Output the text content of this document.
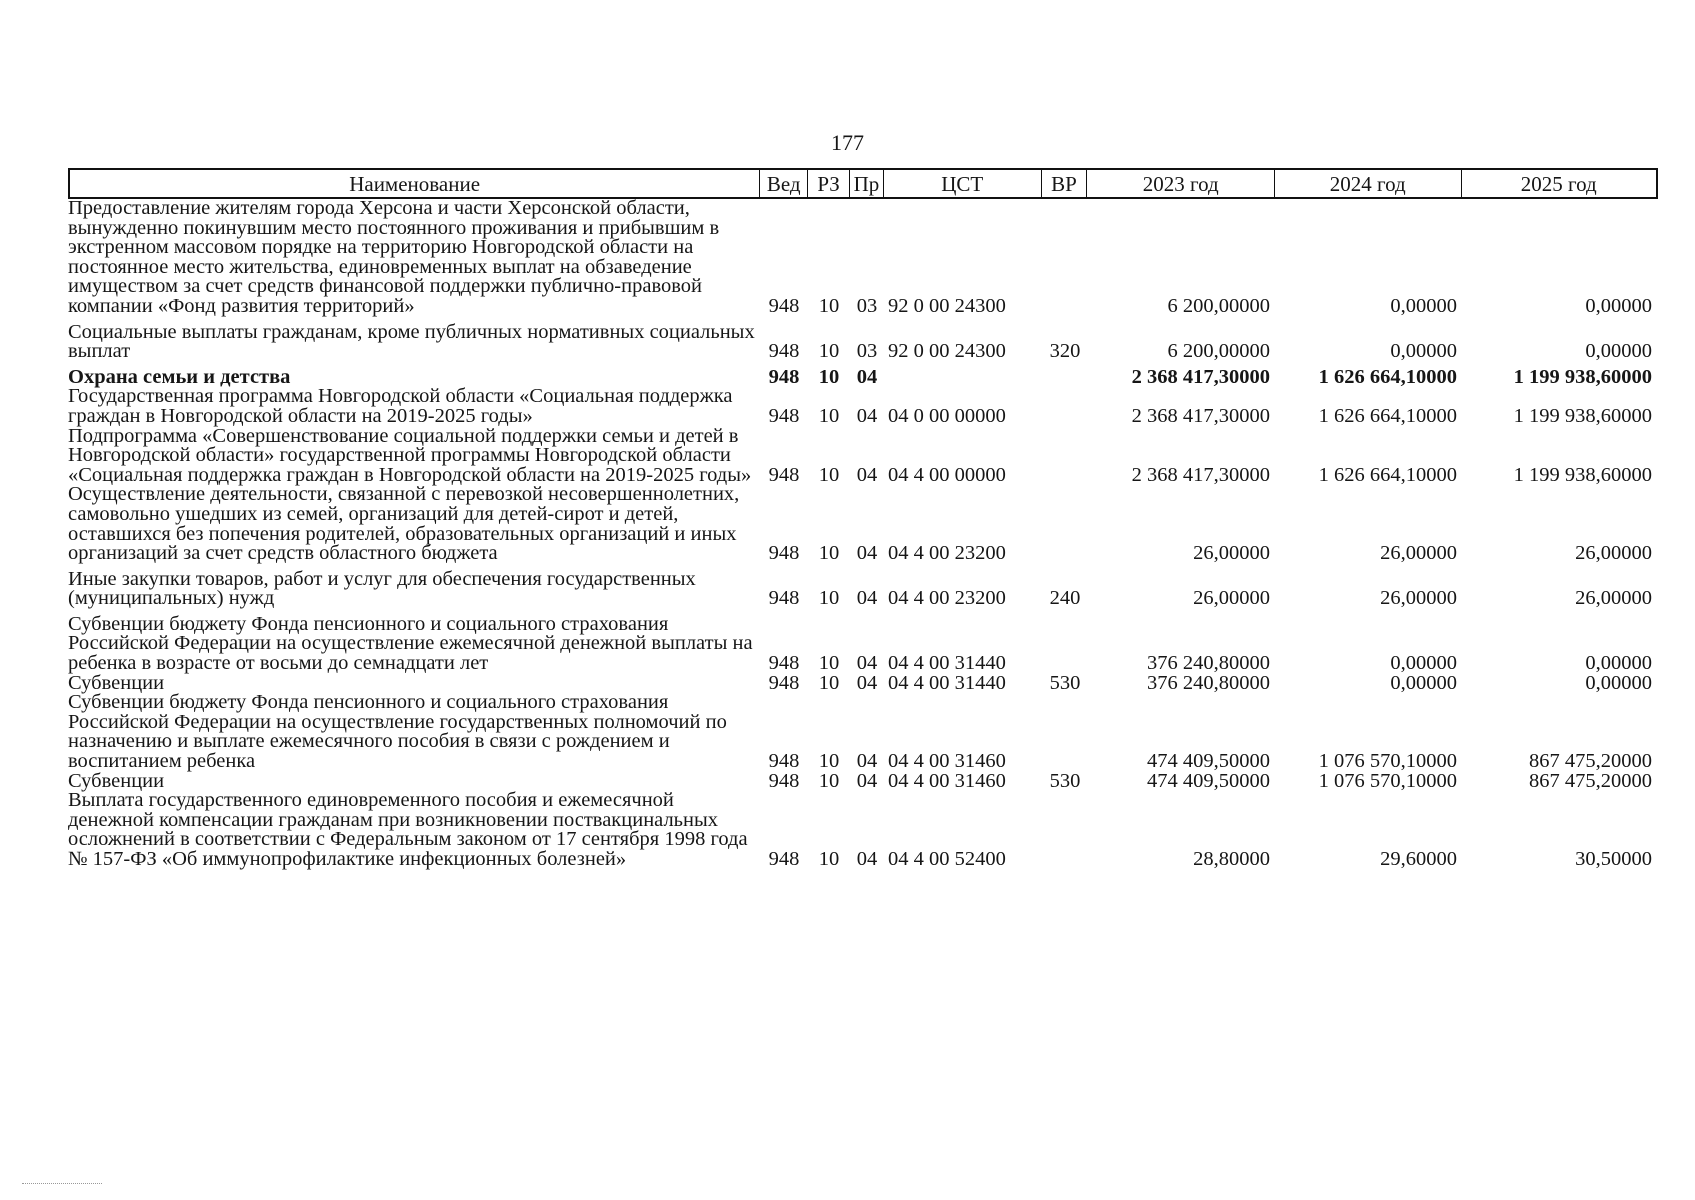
177
Наименование	Вед РЗ Пр	ЦСТ	ВР	2023 год	2024 год	2025 год
Предоставление жителям города Херсона и части Херсонской области, вынужденно покинувшим место постоянного проживания и прибывшим в экстренном массовом порядке на территорию Новгородской области на постоянное место жительства, единовременных выплат на обзаведение имуществом за счет средств финансовой поддержки публично-правовой компании «Фонд развития территорий»	948 10 03 92 0 00 24300	6 200,00000	0,00000	0,00000
Социальные выплаты гражданам, кроме публичных нормативных социальных выплат	948 10 03 92 0 00 24300	320	6 200,00000	0,00000	0,00000
Охрана семьи и детства	948 10 04	2 368 417,30000	1 626 664,10000	1 199 938,60000
Государственная программа Новгородской области «Социальная поддержка граждан в Новгородской области на 2019-2025 годы»	948 10 04 04 0 00 00000	2 368 417,30000	1 626 664,10000	1 199 938,60000
Подпрограмма «Совершенствование социальной поддержки семьи и детей в Новгородской области» государственной программы Новгородской области «Социальная поддержка граждан в Новгородской области на 2019-2025 годы» 948 10 04 04 4 00 00000	2 368 417,30000	1 626 664,10000	1 199 938,60000
Осуществление деятельности, связанной с перевозкой несовершеннолетних, самовольно ушедших из семей, организаций для детей-сирот и детей, оставшихся без попечения родителей, образовательных организаций и иных организаций за счет средств областного бюджета	948 10 04 04 4 00 23200	26,00000	26,00000	26,00000
Иные закупки товаров, работ и услуг для обеспечения государственных (муниципальных) нужд	948 10 04 04 4 00 23200	240	26,00000	26,00000	26,00000
Субвенции бюджету Фонда пенсионного и социального страхования Российской Федерации на осуществление ежемесячной денежной выплаты на ребенка в возрасте от восьми до семнадцати лет	948 10 04 04 4 00 31440	376 240,80000	0,00000	0,00000
Субвенции	948 10 04 04 4 00 31440	530	376 240,80000	0,00000	0,00000
Субвенции бюджету Фонда пенсионного и социального страхования Российской Федерации на осуществление государственных полномочий по назначению и выплате ежемесячного пособия в связи с рождением и воспитанием ребенка	948 10 04 04 4 00 31460	474 409,50000	1 076 570,10000	867 475,20000
Субвенции	948 10 04 04 4 00 31460	530	474 409,50000	1 076 570,10000	867 475,20000
Выплата государственного единовременного пособия и ежемесячной денежной компенсации гражданам при возникновении поствакцинальных осложнений в соответствии с Федеральным законом от 17 сентября 1998 года № 157-ФЗ «Об иммунопрофилактике инфекционных болезней»	948 10 04 04 4 00 52400	28,80000	29,60000	30,50000
